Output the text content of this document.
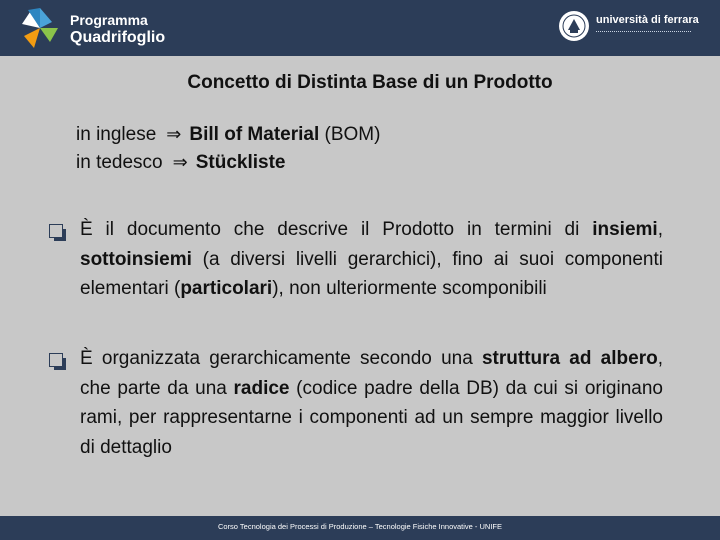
Programma
Quadrifoglio
università di ferrara
Concetto di Distinta Base di un Prodotto
in inglese ⇒ Bill of Material (BOM)
in tedesco ⇒ Stückliste
È il documento che descrive il Prodotto in termini di insiemi, sottoinsiemi (a diversi livelli gerarchici), fino ai suoi componenti elementari (particolari), non ulteriormente scomponibili
È organizzata gerarchicamente secondo una struttura ad albero, che parte da una radice (codice padre della DB) da cui si originano rami, per rappresentarne i componenti ad un sempre maggior livello di dettaglio
Corso Tecnologia dei Processi di Produzione – Tecnologie Fisiche Innovative - UNIFE
